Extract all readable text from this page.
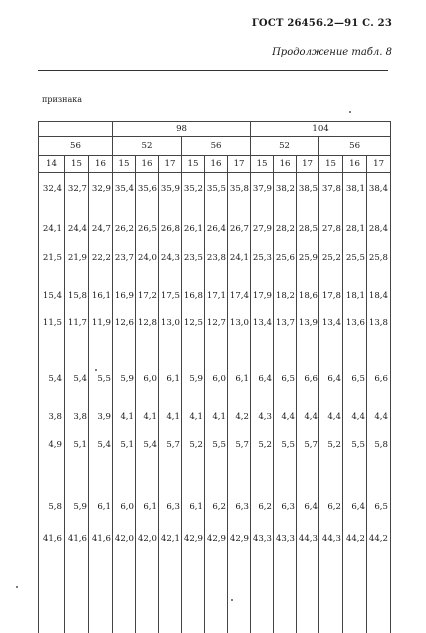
ГОСТ 26456.2—91 С. 23
Продолжение табл. 8
признака
			98						104					
56			52			56			52			56		
14	15	16	15	16	17	15	16	17	15	16	17	15	16	17

32,4 32,7 32,9 35,4 35,6 35,9 35,2 35,5 35,8 37,9 38,2 38,5 37,8 38,1 38,4
24,1 24,4 24,7 26,2 26,5 26,8 26,1 26,4 26,7 27,9 28,2 28,5 27,8 28,1 28,4
21,5 21,9 22,2 23,7 24,0 24,3 23,5 23,8 24,1 25,3 25,6 25,9 25,2 25,5 25,8
15,4 15,8 16,1 16,9 17,2 17,5 16,8 17,1 17,4 17,9 18,2 18,6 17,8 18,1 18,4
11,5 11,7 11,9 12,6 12,8 13,0 12,5 12,7 13,0 13,4 13,7 13,9 13,4 13,6 13,8
5,4 5,4 5,5 5,9 6,0 6,1 5,9 6,0 6,1 6,4 6,5 6,6 6,4 6,5 6,6
3,8 3,8 3,9 4,1 4,1 4,1 4,1 4,1 4,2 4,3 4,4 4,4 4,4 4,4 4,4
4,9 5,1 5,4 5,1 5,4 5,7 5,2 5,5 5,7 5,2 5,5 5,7 5,2 5,5 5,8
5,8 5,9 6,1 6,0 6,1 6,3 6,1 6,2 6,3 6,2 6,3 6,4 6,2 6,4 6,5
41,6 41,6 41,6 42,0 42,0 42,1 42,9 42,9 42,9 43,3 43,3 44,3 44,3 44,2 44,2
